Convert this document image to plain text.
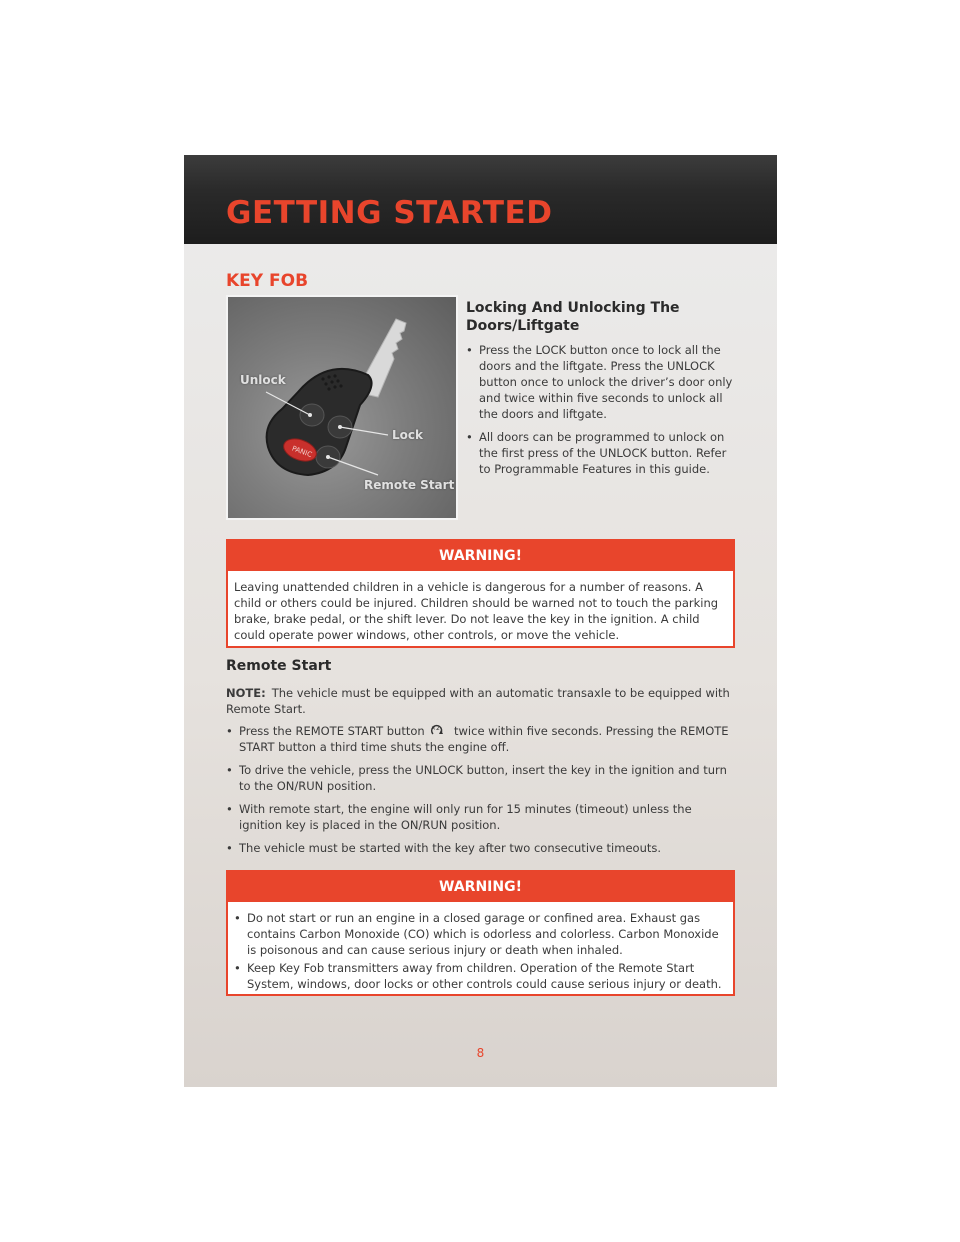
GETTING STARTED
KEY FOB
PANIC
Unlock
Lock
Remote Start
Locking And Unlocking The Doors/Liftgate
• Press the LOCK button once to lock all the doors and the liftgate. Press the UNLOCK button once to unlock the driver’s door only and twice within five seconds to unlock all the doors and liftgate.
• All doors can be programmed to unlock on the first press of the UNLOCK button. Refer to Programmable Features in this guide.
WARNING!
Leaving unattended children in a vehicle is dangerous for a number of reasons. A child or others could be injured. Children should be warned not to touch the parking brake, brake pedal, or the shift lever. Do not leave the key in the ignition. A child could operate power windows, other controls, or move the vehicle.
Remote Start
NOTE: The vehicle must be equipped with an automatic transaxle to be equipped with Remote Start.
• Press the REMOTE START button ×2 twice within five seconds. Pressing the REMOTE START button a third time shuts the engine off.
• To drive the vehicle, press the UNLOCK button, insert the key in the ignition and turn to the ON/RUN position.
• With remote start, the engine will only run for 15 minutes (timeout) unless the ignition key is placed in the ON/RUN position.
• The vehicle must be started with the key after two consecutive timeouts.
WARNING!
• Do not start or run an engine in a closed garage or confined area. Exhaust gas contains Carbon Monoxide (CO) which is odorless and colorless. Carbon Monoxide is poisonous and can cause serious injury or death when inhaled.
• Keep Key Fob transmitters away from children. Operation of the Remote Start System, windows, door locks or other controls could cause serious injury or death.
8
